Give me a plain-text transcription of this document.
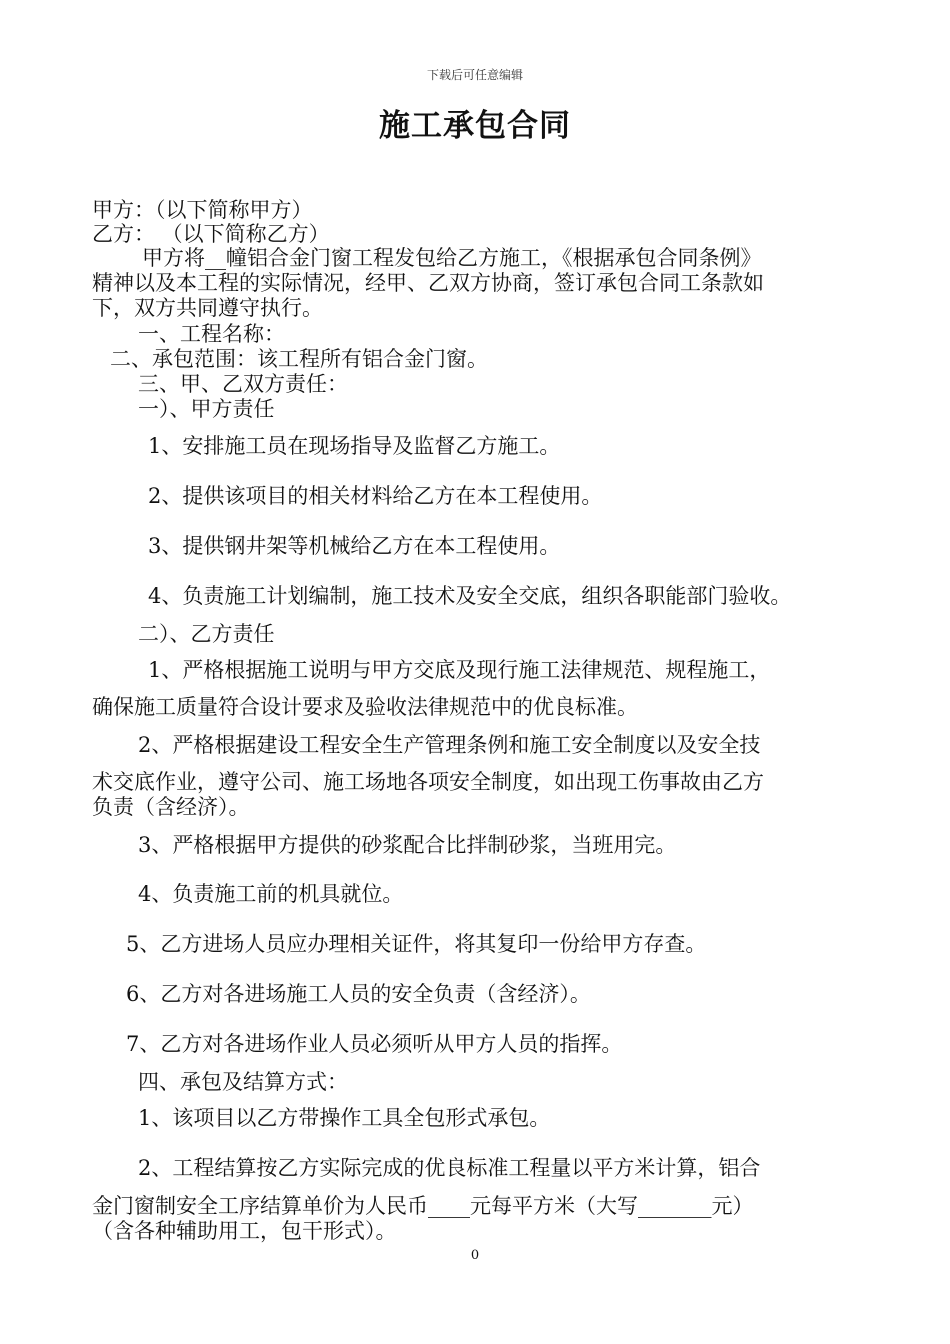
下载后可任意编辑
施工承包合同
甲方：（以下简称甲方）
乙方： （以下简称乙方）
甲方将__幢铝合金门窗工程发包给乙方施工，《根据承包合同条例》
精神以及本工程的实际情况，经甲、乙双方协商，签订承包合同工条款如
下，双方共同遵守执行。
一、工程名称：
二、承包范围：该工程所有铝合金门窗。
三、甲、乙双方责任：
一）、甲方责任
1、安排施工员在现场指导及监督乙方施工。
2、提供该项目的相关材料给乙方在本工程使用。
3、提供钢井架等机械给乙方在本工程使用。
4、负责施工计划编制，施工技术及安全交底，组织各职能部门验收。
二）、乙方责任
1、严格根据施工说明与甲方交底及现行施工法律规范、规程施工，
确保施工质量符合设计要求及验收法律规范中的优良标准。
2、严格根据建设工程安全生产管理条例和施工安全制度以及安全技
术交底作业，遵守公司、施工场地各项安全制度，如出现工伤事故由乙方
负责（含经济）。
3、严格根据甲方提供的砂浆配合比拌制砂浆，当班用完。
4、负责施工前的机具就位。
5、乙方进场人员应办理相关证件，将其复印一份给甲方存查。
6、乙方对各进场施工人员的安全负责（含经济）。
7、乙方对各进场作业人员必须听从甲方人员的指挥。
四、承包及结算方式：
1、该项目以乙方带操作工具全包形式承包。
2、工程结算按乙方实际完成的优良标准工程量以平方米计算，铝合
金门窗制安全工序结算单价为人民币____元每平方米（大写_______元）
（含各种辅助用工，包干形式）。
0
